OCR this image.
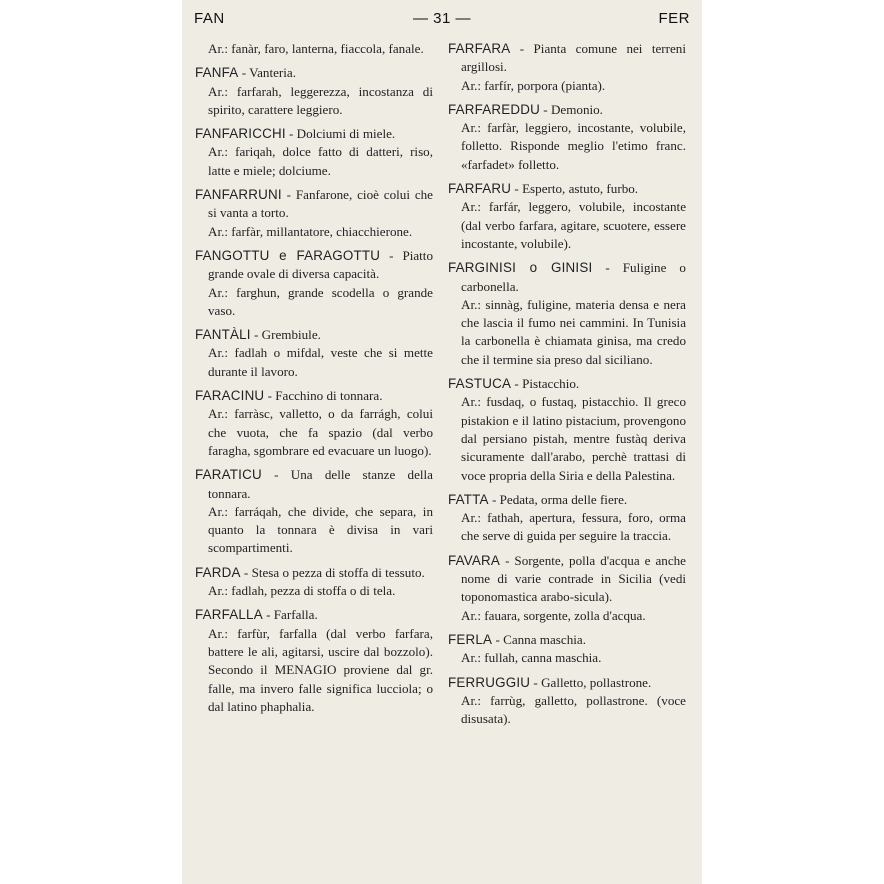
FAN	— 31 —	FER

Ar.: fanàr, faro, lanterna, fiaccola, fanale.

FANFA - Vanteria.

Ar.: farfarah, leggerezza, incostanza di spirito, carattere leggiero.

FANFARICCHI - Dolciumi di miele.

Ar.: fariqah, dolce fatto di datteri, riso, latte e miele; dolciume.

FANFARRUNI - Fanfarone, cioè colui che si vanta a torto.

Ar.: farfàr, millantatore, chiacchierone.

FANGOTTU e FARAGOTTU - Piatto grande ovale di diversa capacità.

Ar.: farghun, grande scodella o grande vaso.

FANTÀLI - Grembiule.

Ar.: fadlah o mifdal, veste che si mette durante il lavoro.

FARACINU - Facchino di tonnara.

Ar.: farràsc, valletto, o da farrágh, colui che vuota, che fa spazio (dal verbo faragha, sgombrare ed evacuare un luogo).

FARATICU - Una delle stanze della tonnara.

Ar.: farráqah, che divide, che separa, in quanto la tonnara è divisa in vari scompartimenti.

FARDA - Stesa o pezza di stoffa di tessuto.

Ar.: fadlah, pezza di stoffa o di tela.

FARFALLA - Farfalla.

Ar.: farfùr, farfalla (dal verbo farfara, battere le ali, agitarsi, uscire dal bozzolo). Secondo il MENAGIO proviene dal gr. falle, ma invero falle significa lucciola; o dal latino phaphalia.

FARFARA - Pianta comune nei terreni argillosi.

Ar.: farfír, porpora (pianta).

FARFAREDDU - Demonio.

Ar.: farfàr, leggiero, incostante, volubile, folletto. Risponde meglio l'etimo franc. «farfadet» folletto.

FARFARU - Esperto, astuto, furbo.

Ar.: farfár, leggero, volubile, incostante (dal verbo farfara, agitare, scuotere, essere incostante, volubile).

FARGINISI o GINISI - Fuligine o carbonella.

Ar.: sinnàg, fuligine, materia densa e nera che lascia il fumo nei cammini. In Tunisia la carbonella è chiamata ginisa, ma credo che il termine sia preso dal siciliano.

FASTUCA - Pistacchio.

Ar.: fusdaq, o fustaq, pistacchio. Il greco pistakion e il latino pistacium, provengono dal persiano pistah, mentre fustàq deriva sicuramente dall'arabo, perchè trattasi di voce propria della Siria e della Palestina.

FATTA - Pedata, orma delle fiere.

Ar.: fathah, apertura, fessura, foro, orma che serve di guida per seguire la traccia.

FAVARA - Sorgente, polla d'acqua e anche nome di varie contrade in Sicilia (vedi toponomastica arabo-sicula).

Ar.: fauara, sorgente, zolla d'acqua.

FERLA - Canna maschia.

Ar.: fullah, canna maschia.

FERRUGGIU - Galletto, pollastrone.

Ar.: farrùg, galletto, pollastrone. (voce disusata).
